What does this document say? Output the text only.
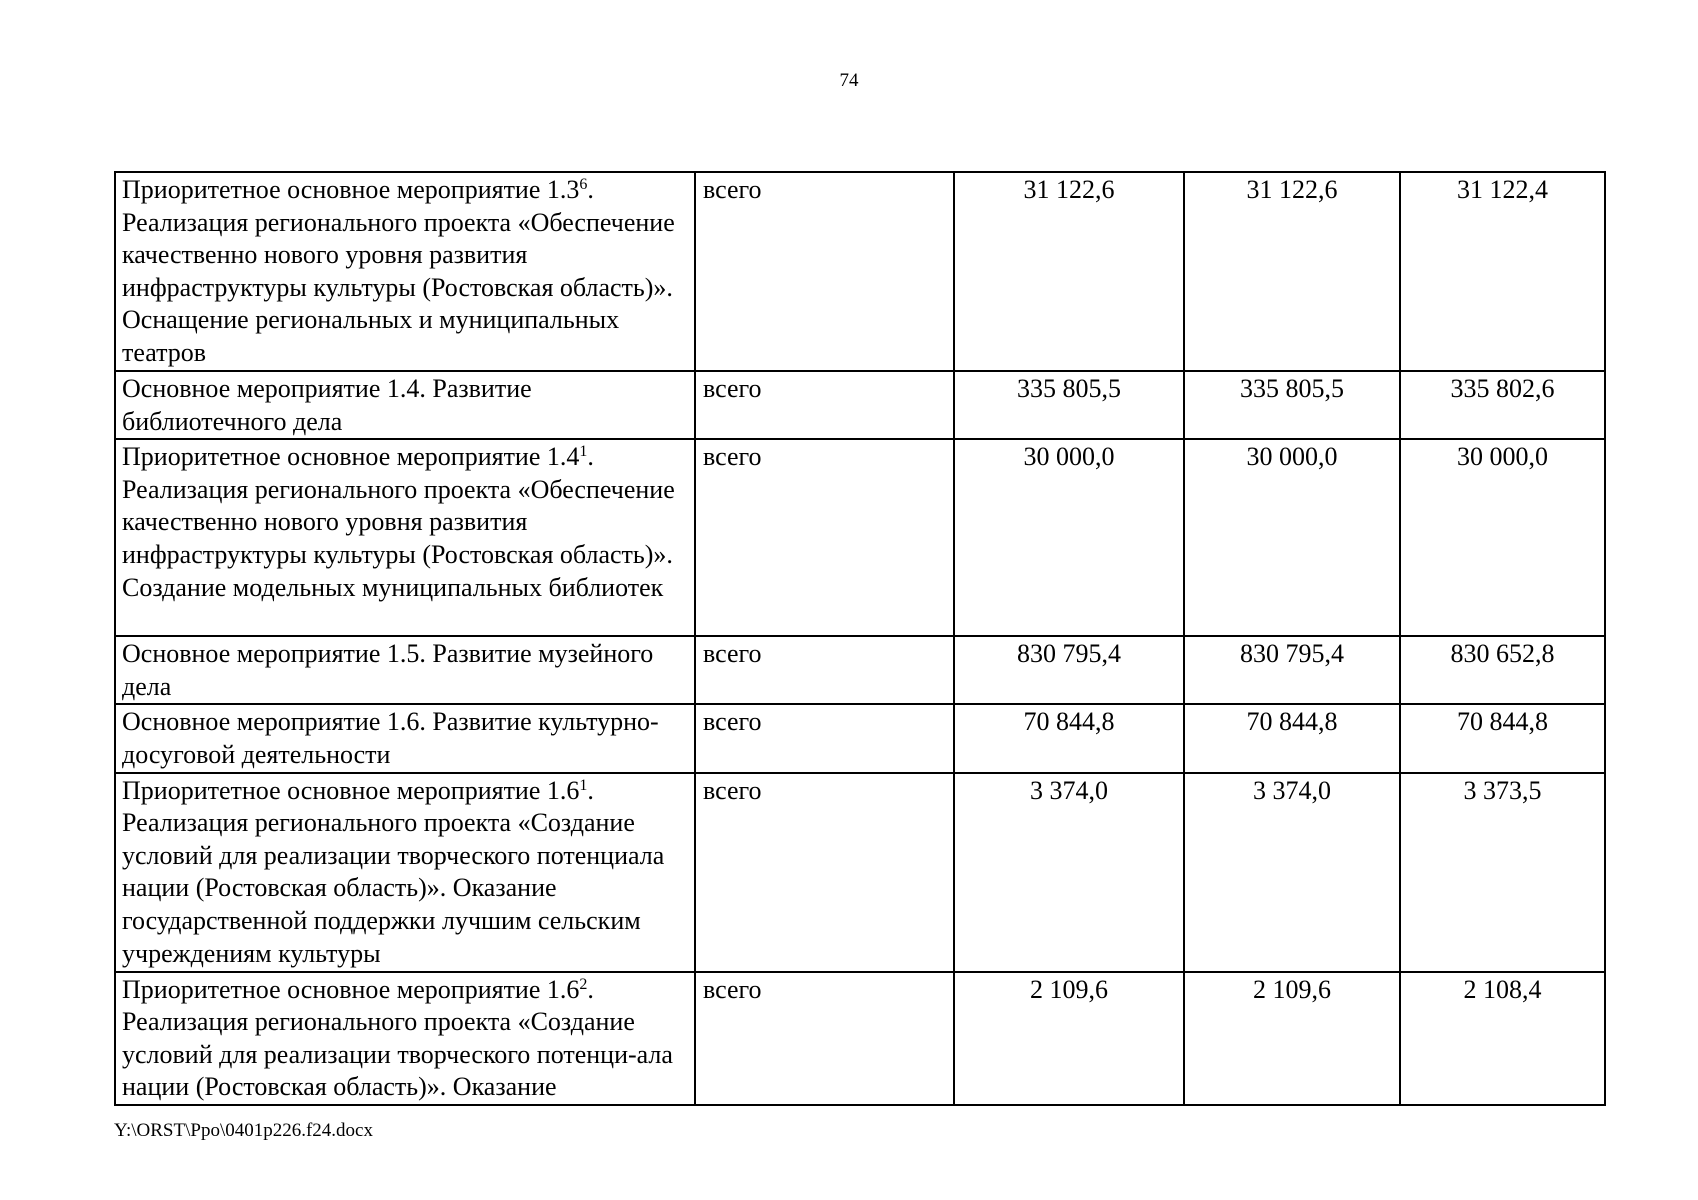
74
Приоритетное основное мероприятие $1.3^6$. Реализация регионального проекта «Обеспечение качественно нового уровня развития инфраструктуры культуры (Ростовская область)». Оснащение региональных и муниципальных театров	всего	31 122,6	31 122,6	31 122,4
Основное мероприятие 1.4. Развитие библиотечного дела	всего	335 805,5	335 805,5	335 802,6
Приоритетное основное мероприятие $1.4^1$. Реализация регионального проекта «Обеспечение качественно нового уровня развития инфраструктуры культуры (Ростовская область)». Создание модельных муниципальных библиотек	всего	30 000,0	30 000,0	30 000,0
Основное мероприятие 1.5. Развитие музейного дела	всего	830 795,4	830 795,4	830 652,8
Основное мероприятие 1.6. Развитие культурно-досуговой деятельности	всего	70 844,8	70 844,8	70 844,8
Приоритетное основное мероприятие $1.6^1$. Реализация регионального проекта «Создание условий для реализации творческого потенциала нации (Ростовская область)». Оказание государственной поддержки лучшим сельским учреждениям культуры	всего	3 374,0	3 374,0	3 373,5
Приоритетное основное мероприятие $1.6^2$. Реализация регионального проекта «Создание условий для реализации творческого потенци-ала нации (Ростовская область)». Оказание	всего	2 109,6	2 109,6	2 108,4
Y:\ORST\Ppo\0401p226.f24.docx
